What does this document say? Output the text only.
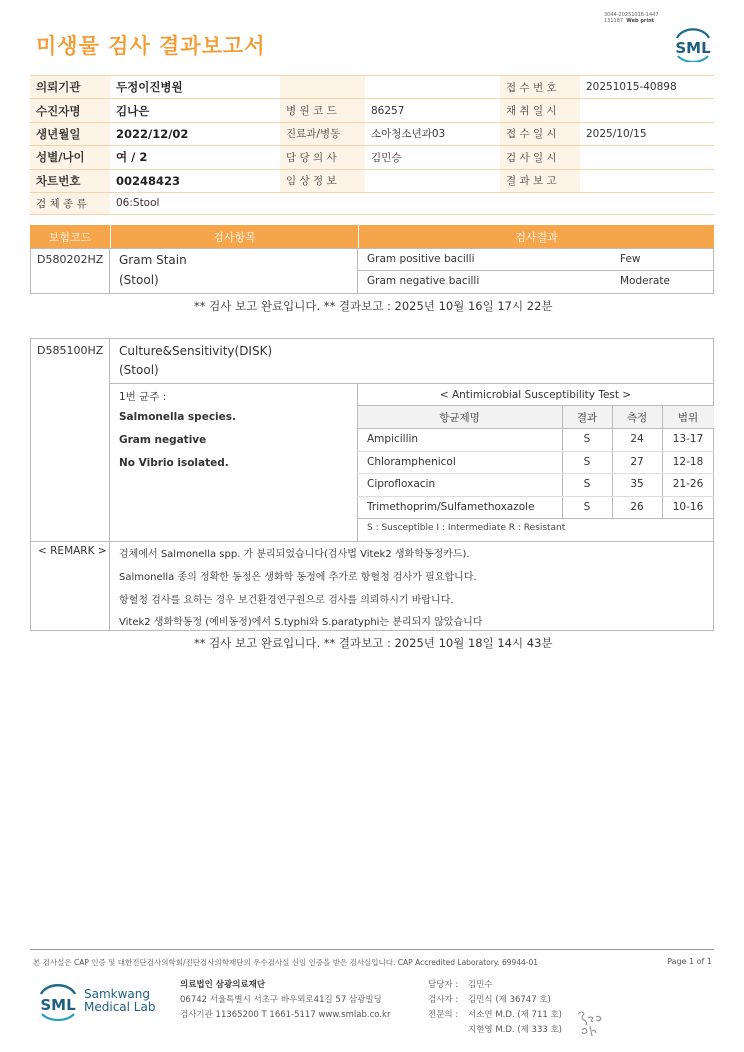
3044-20251018-1447
131187 Web print
미생물 검사 결과보고서	SML
의뢰기관	두정이진병원			접 수 번 호	20251015-40898
수진자명	김나은	병 원 코 드	86257	채 취 일 시	
생년월일	2022/12/02	진료과/병동	소아청소년과03	접 수 일 시	2025/10/15
성별/나이	여 / 2	담 당 의 사	김민승	검 사 일 시	
차트번호	00248423	임 상 정 보		결 과 보 고	
검 체 종 류	06:Stool				
보험코드	검사항목	검사결과
D580202HZ Gram Stain
(Stool)
Gram positive bacilli	Few
Gram negative bacilli	Moderate
** 검사 보고 완료입니다. ** 결과보고 : 2025년 10월 16일 17시 22분
D585100HZ Culture&Sensitivity(DISK)
(Stool)
1번 균주 :
Salmonella species.
Gram negative
No Vibrio isolated.
< Antimicrobial Susceptibility Test >
항균제명	결과	측정	범위
Ampicillin	S	24	13-17
Chloramphenicol	S	27	12-18
Ciprofloxacin	S	35	21-26
Trimethoprim/Sulfamethoxazole	S	26	10-16
S : Susceptible I : Intermediate R : Resistant
< REMARK > 검체에서 Salmonella spp. 가 분리되었습니다(검사법 Vitek2 생화학동정카드).
Salmonella 종의 정확한 동정은 생화학 동정에 추가로 항혈청 검사가 필요합니다.
항혈청 검사를 요하는 경우 보건환경연구원으로 검사를 의뢰하시기 바랍니다.
Vitek2 생화학동정 (예비동정)에서 S.typhi와 S.paratyphi는 분리되지 않았습니다
** 검사 보고 완료입니다. ** 결과보고 : 2025년 10월 18일 14시 43분
본 검사실은 CAP 인증 및 대한진단검사의학회/진단검사의학재단의 우수검사실 신임 인증을 받은 검사실입니다. CAP Accredited Laboratory. 69944-01	Page 1 of 1
SML
Samkwang
Medical Lab
의료법인 삼광의료재단
06742 서울특별시 서초구 바우뫼로41길 57 삼광빌딩
검사기관 11365200 T 1661-5117 www.smlab.co.kr
담당자 : 김민수
검사자 : 김민식 (제 36747 호)
전문의 : 서소연 M.D. (제 711 호)
지현영 M.D. (제 333 호)
